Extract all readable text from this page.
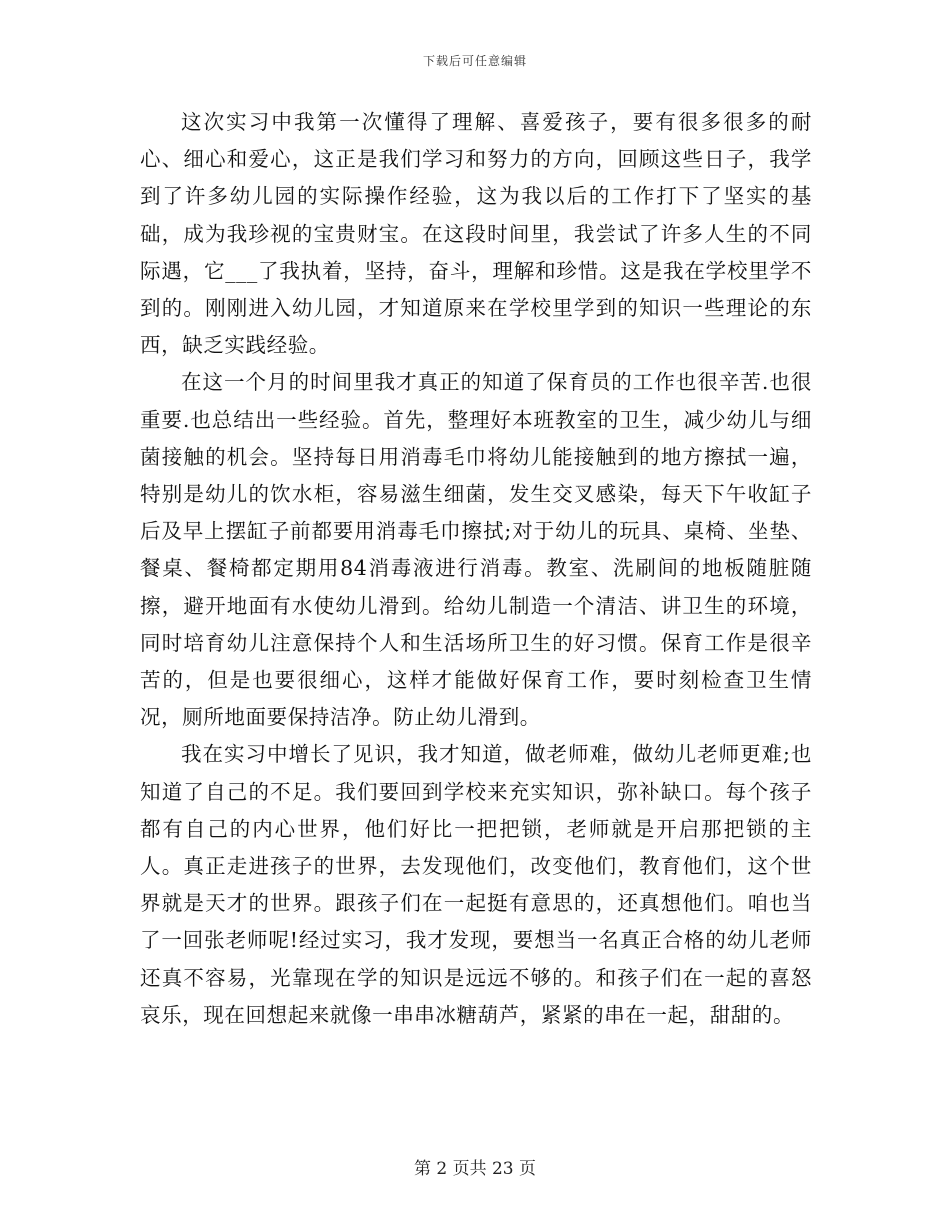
下载后可任意编辑

这次实习中我第一次懂得了理解、喜爱孩子，要有很多很多的耐心、细心和爱心，这正是我们学习和努力的方向，回顾这些日子，我学到了许多幼儿园的实际操作经验，这为我以后的工作打下了坚实的基础，成为我珍视的宝贵财宝。在这段时间里，我尝试了许多人生的不同际遇，它___了我执着，坚持，奋斗，理解和珍惜。这是我在学校里学不到的。刚刚进入幼儿园，才知道原来在学校里学到的知识一些理论的东西，缺乏实践经验。

在这一个月的时间里我才真正的知道了保育员的工作也很辛苦.也很重要.也总结出一些经验。首先，整理好本班教室的卫生，减少幼儿与细菌接触的机会。坚持每日用消毒毛巾将幼儿能接触到的地方擦拭一遍，特别是幼儿的饮水柜，容易滋生细菌，发生交叉感染，每天下午收缸子后及早上摆缸子前都要用消毒毛巾擦拭;对于幼儿的玩具、桌椅、坐垫、餐桌、餐椅都定期用84消毒液进行消毒。教室、洗刷间的地板随脏随擦，避开地面有水使幼儿滑到。给幼儿制造一个清洁、讲卫生的环境，同时培育幼儿注意保持个人和生活场所卫生的好习惯。保育工作是很辛苦的，但是也要很细心，这样才能做好保育工作，要时刻检查卫生情况，厕所地面要保持洁净。防止幼儿滑到。

我在实习中增长了见识，我才知道，做老师难，做幼儿老师更难;也知道了自己的不足。我们要回到学校来充实知识，弥补缺口。每个孩子都有自己的内心世界，他们好比一把把锁，老师就是开启那把锁的主人。真正走进孩子的世界，去发现他们，改变他们，教育他们，这个世界就是天才的世界。跟孩子们在一起挺有意思的，还真想他们。咱也当了一回张老师呢!经过实习，我才发现，要想当一名真正合格的幼儿老师还真不容易，光靠现在学的知识是远远不够的。和孩子们在一起的喜怒哀乐，现在回想起来就像一串串冰糖葫芦，紧紧的串在一起，甜甜的。

第 2 页共 23 页
